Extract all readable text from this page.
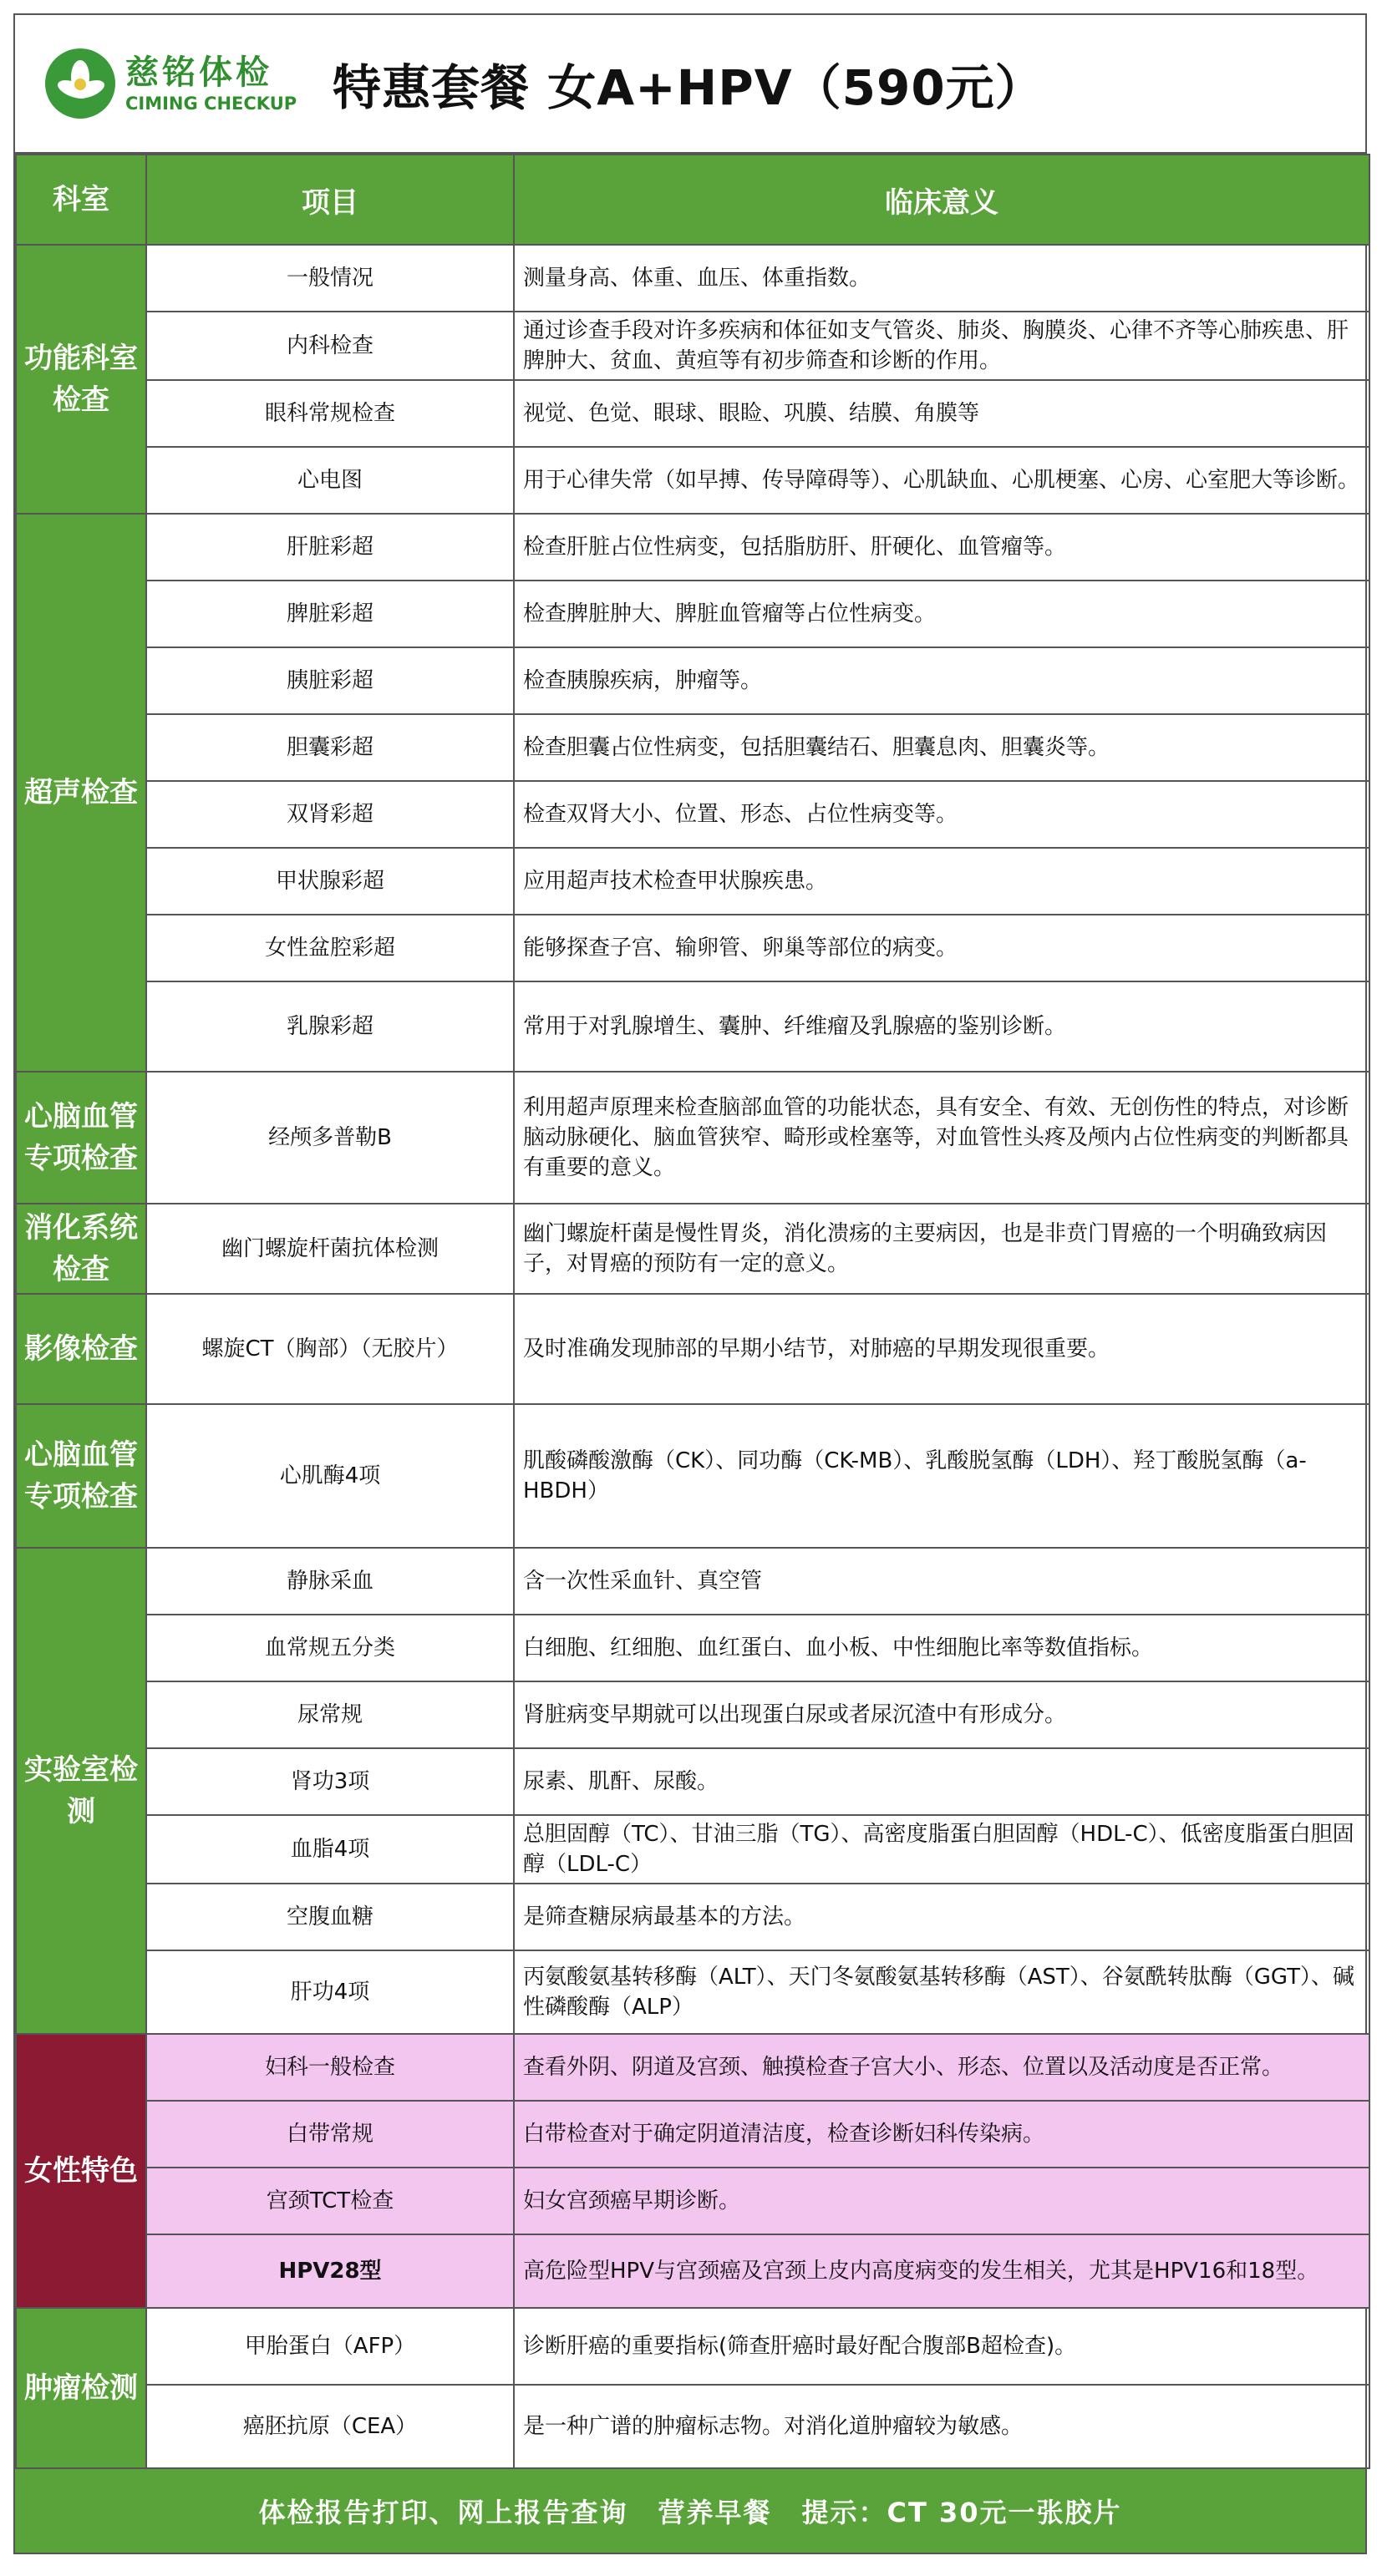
慈铭体检
CIMING CHECKUP 特惠套餐 女A+HPV（590元）
科室	项目	临床意义
功能科室检查	一般情况	测量身高、体重、血压、体重指数。
	内科检查	通过诊查手段对许多疾病和体征如支气管炎、肺炎、胸膜炎、心律不齐等心肺疾患、肝脾肿大、贫血、黄疸等有初步筛查和诊断的作用。
	眼科常规检查	视觉、色觉、眼球、眼睑、巩膜、结膜、角膜等
	心电图	用于心律失常（如早搏、传导障碍等）、心肌缺血、心肌梗塞、心房、心室肥大等诊断。
超声检查	肝脏彩超	检查肝脏占位性病变，包括脂肪肝、肝硬化、血管瘤等。
	脾脏彩超	检查脾脏肿大、脾脏血管瘤等占位性病变。
	胰脏彩超	检查胰腺疾病，肿瘤等。
	胆囊彩超	检查胆囊占位性病变，包括胆囊结石、胆囊息肉、胆囊炎等。
	双肾彩超	检查双肾大小、位置、形态、占位性病变等。
	甲状腺彩超	应用超声技术检查甲状腺疾患。
	女性盆腔彩超	能够探查子宫、输卵管、卵巢等部位的病变。
	乳腺彩超	常用于对乳腺增生、囊肿、纤维瘤及乳腺癌的鉴别诊断。
心脑血管专项检查	经颅多普勒B	利用超声原理来检查脑部血管的功能状态，具有安全、有效、无创伤性的特点，对诊断脑动脉硬化、脑血管狭窄、畸形或栓塞等，对血管性头疼及颅内占位性病变的判断都具有重要的意义。
消化系统检查	幽门螺旋杆菌抗体检测	幽门螺旋杆菌是慢性胃炎，消化溃疡的主要病因，也是非贲门胃癌的一个明确致病因子，对胃癌的预防有一定的意义。
影像检查	螺旋CT（胸部）（无胶片）	及时准确发现肺部的早期小结节，对肺癌的早期发现很重要。
心脑血管专项检查	心肌酶4项	肌酸磷酸激酶（CK）、同功酶（CK-MB）、乳酸脱氢酶（LDH）、羟丁酸脱氢酶（a-HBDH）
实验室检测	静脉采血	含一次性采血针、真空管
	血常规五分类	白细胞、红细胞、血红蛋白、血小板、中性细胞比率等数值指标。
	尿常规	肾脏病变早期就可以出现蛋白尿或者尿沉渣中有形成分。
	肾功3项	尿素、肌酐、尿酸。
	血脂4项	总胆固醇（TC）、甘油三脂（TG）、高密度脂蛋白胆固醇（HDL-C）、低密度脂蛋白胆固醇（LDL-C）
	空腹血糖	是筛查糖尿病最基本的方法。
	肝功4项	丙氨酸氨基转移酶（ALT）、天门冬氨酸氨基转移酶（AST）、谷氨酰转肽酶（GGT）、碱性磷酸酶（ALP）
女性特色	妇科一般检查	查看外阴、阴道及宫颈、触摸检查子宫大小、形态、位置以及活动度是否正常。
	白带常规	白带检查对于确定阴道清洁度，检查诊断妇科传染病。
	宫颈TCT检查	妇女宫颈癌早期诊断。
	HPV28型	高危险型HPV与宫颈癌及宫颈上皮内高度病变的发生相关，尤其是HPV16和18型。
肿瘤检测	甲胎蛋白（AFP）	诊断肝癌的重要指标(筛查肝癌时最好配合腹部B超检查)。
	癌胚抗原（CEA）	是一种广谱的肿瘤标志物。对消化道肿瘤较为敏感。
体检报告打印、网上报告查询 营养早餐 提示：CT 30元一张胶片
